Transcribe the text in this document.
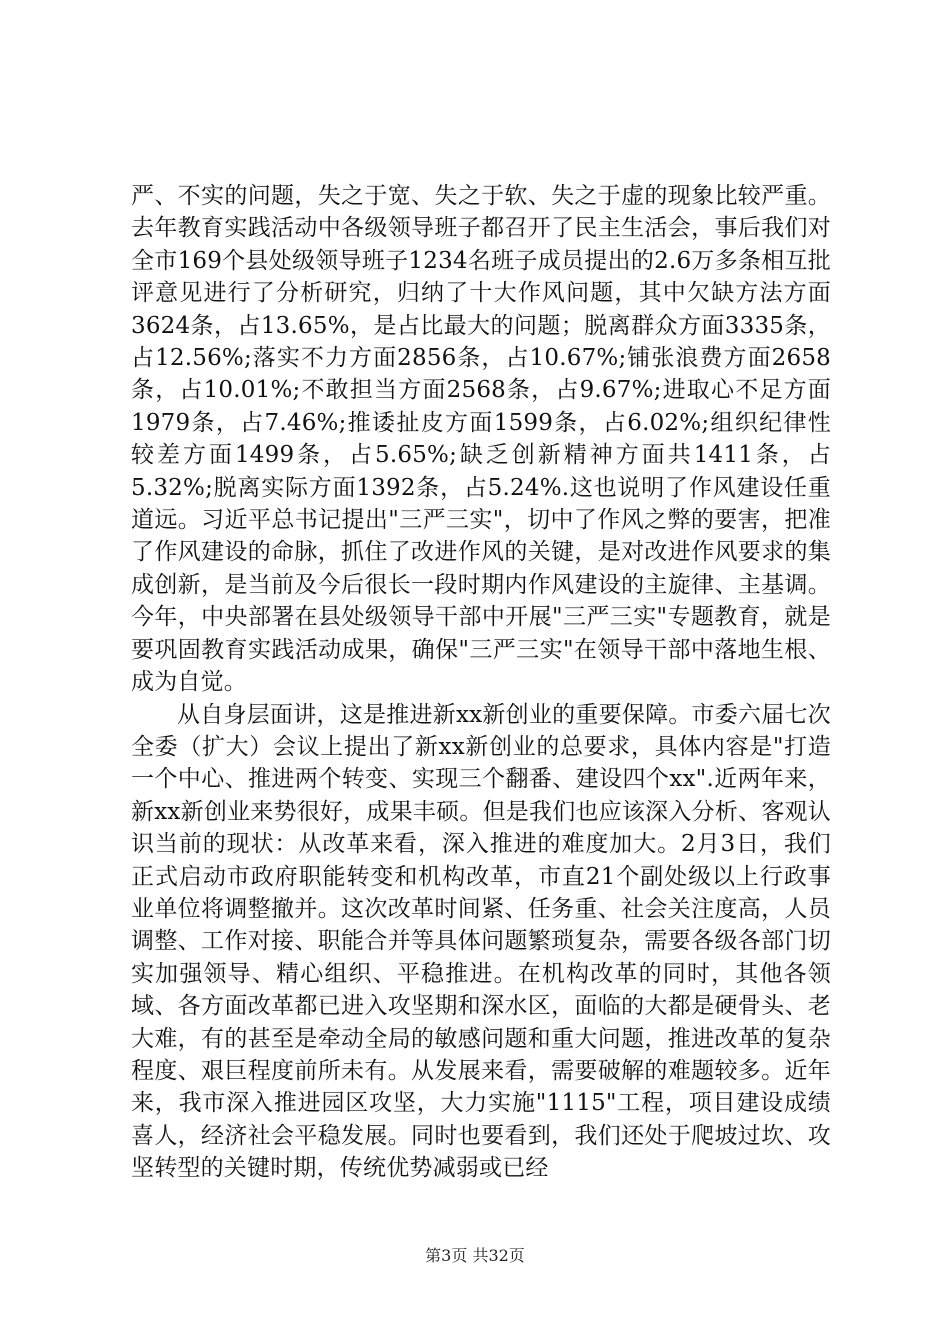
严、不实的问题，失之于宽、失之于软、失之于虚的现象比较严重。去年教育实践活动中各级领导班子都召开了民主生活会，事后我们对全市169个县处级领导班子1234名班子成员提出的2.6万多条相互批评意见进行了分析研究，归纳了十大作风问题，其中欠缺方法方面3624条，占13.65%，是占比最大的问题；脱离群众方面3335条，占12.56%;落实不力方面2856条，占10.67%;铺张浪费方面2658条，占10.01%;不敢担当方面2568条，占9.67%;进取心不足方面1979条，占7.46%;推诿扯皮方面1599条，占6.02%;组织纪律性较差方面1499条，占5.65%;缺乏创新精神方面共1411条，占5.32%;脱离实际方面1392条，占5.24%.这也说明了作风建设任重道远。习近平总书记提出"三严三实"，切中了作风之弊的要害，把准了作风建设的命脉，抓住了改进作风的关键，是对改进作风要求的集成创新，是当前及今后很长一段时期内作风建设的主旋律、主基调。今年，中央部署在县处级领导干部中开展"三严三实"专题教育，就是要巩固教育实践活动成果，确保"三严三实"在领导干部中落地生根、成为自觉。

从自身层面讲，这是推进新xx新创业的重要保障。市委六届七次全委（扩大）会议上提出了新xx新创业的总要求，具体内容是"打造一个中心、推进两个转变、实现三个翻番、建设四个xx".近两年来，新xx新创业来势很好，成果丰硕。但是我们也应该深入分析、客观认识当前的现状：从改革来看，深入推进的难度加大。2月3日，我们正式启动市政府职能转变和机构改革，市直21个副处级以上行政事业单位将调整撤并。这次改革时间紧、任务重、社会关注度高，人员调整、工作对接、职能合并等具体问题繁琐复杂，需要各级各部门切实加强领导、精心组织、平稳推进。在机构改革的同时，其他各领域、各方面改革都已进入攻坚期和深水区，面临的大都是硬骨头、老大难，有的甚至是牵动全局的敏感问题和重大问题，推进改革的复杂程度、艰巨程度前所未有。从发展来看，需要破解的难题较多。近年来，我市深入推进园区攻坚，大力实施"1115"工程，项目建设成绩喜人，经济社会平稳发展。同时也要看到，我们还处于爬坡过坎、攻坚转型的关键时期，传统优势减弱或已经

第3页 共32页
